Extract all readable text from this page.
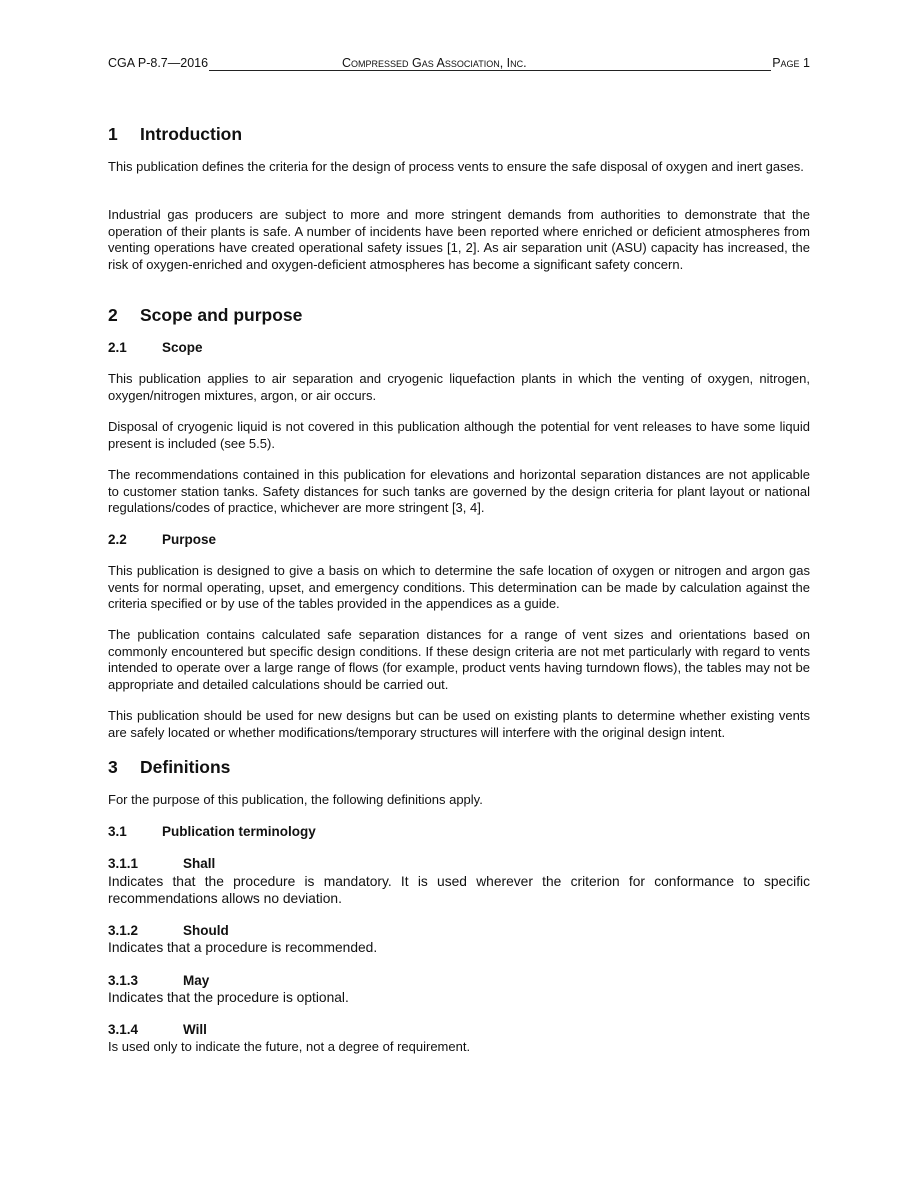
CGA P-8.7—2016	Compressed Gas Association, Inc.	Page 1
1 Introduction

This publication defines the criteria for the design of process vents to ensure the safe disposal of oxygen and inert gases.

Industrial gas producers are subject to more and more stringent demands from authorities to demonstrate that the operation of their plants is safe. A number of incidents have been reported where enriched or deficient atmospheres from venting operations have created operational safety issues [1, 2]. As air separation unit (ASU) capacity has increased, the risk of oxygen-enriched and oxygen-deficient atmospheres has become a significant safety concern.

2 Scope and purpose
2.1	Scope

This publication applies to air separation and cryogenic liquefaction plants in which the venting of oxygen, nitrogen, oxygen/nitrogen mixtures, argon, or air occurs.

Disposal of cryogenic liquid is not covered in this publication although the potential for vent releases to have some liquid present is included (see 5.5).

The recommendations contained in this publication for elevations and horizontal separation distances are not applicable to customer station tanks. Safety distances for such tanks are governed by the design criteria for plant layout or national regulations/codes of practice, whichever are more stringent [3, 4].

2.2	Purpose

This publication is designed to give a basis on which to determine the safe location of oxygen or nitrogen and argon gas vents for normal operating, upset, and emergency conditions. This determination can be made by calculation against the criteria specified or by use of the tables provided in the appendices as a guide.

The publication contains calculated safe separation distances for a range of vent sizes and orientations based on commonly encountered but specific design conditions. If these design criteria are not met particularly with regard to vents intended to operate over a large range of flows (for example, product vents having turndown flows), the tables may not be appropriate and detailed calculations should be carried out.

This publication should be used for new designs but can be used on existing plants to determine whether existing vents are safely located or whether modifications/temporary structures will interfere with the original design intent.

3 Definitions

For the purpose of this publication, the following definitions apply.

3.1	Publication terminology
3.1.1	Shall

Indicates that the procedure is mandatory. It is used wherever the criterion for conformance to specific recommendations allows no deviation.

3.1.2	Should

Indicates that a procedure is recommended.

3.1.3	May

Indicates that the procedure is optional.

3.1.4	Will

Is used only to indicate the future, not a degree of requirement.
